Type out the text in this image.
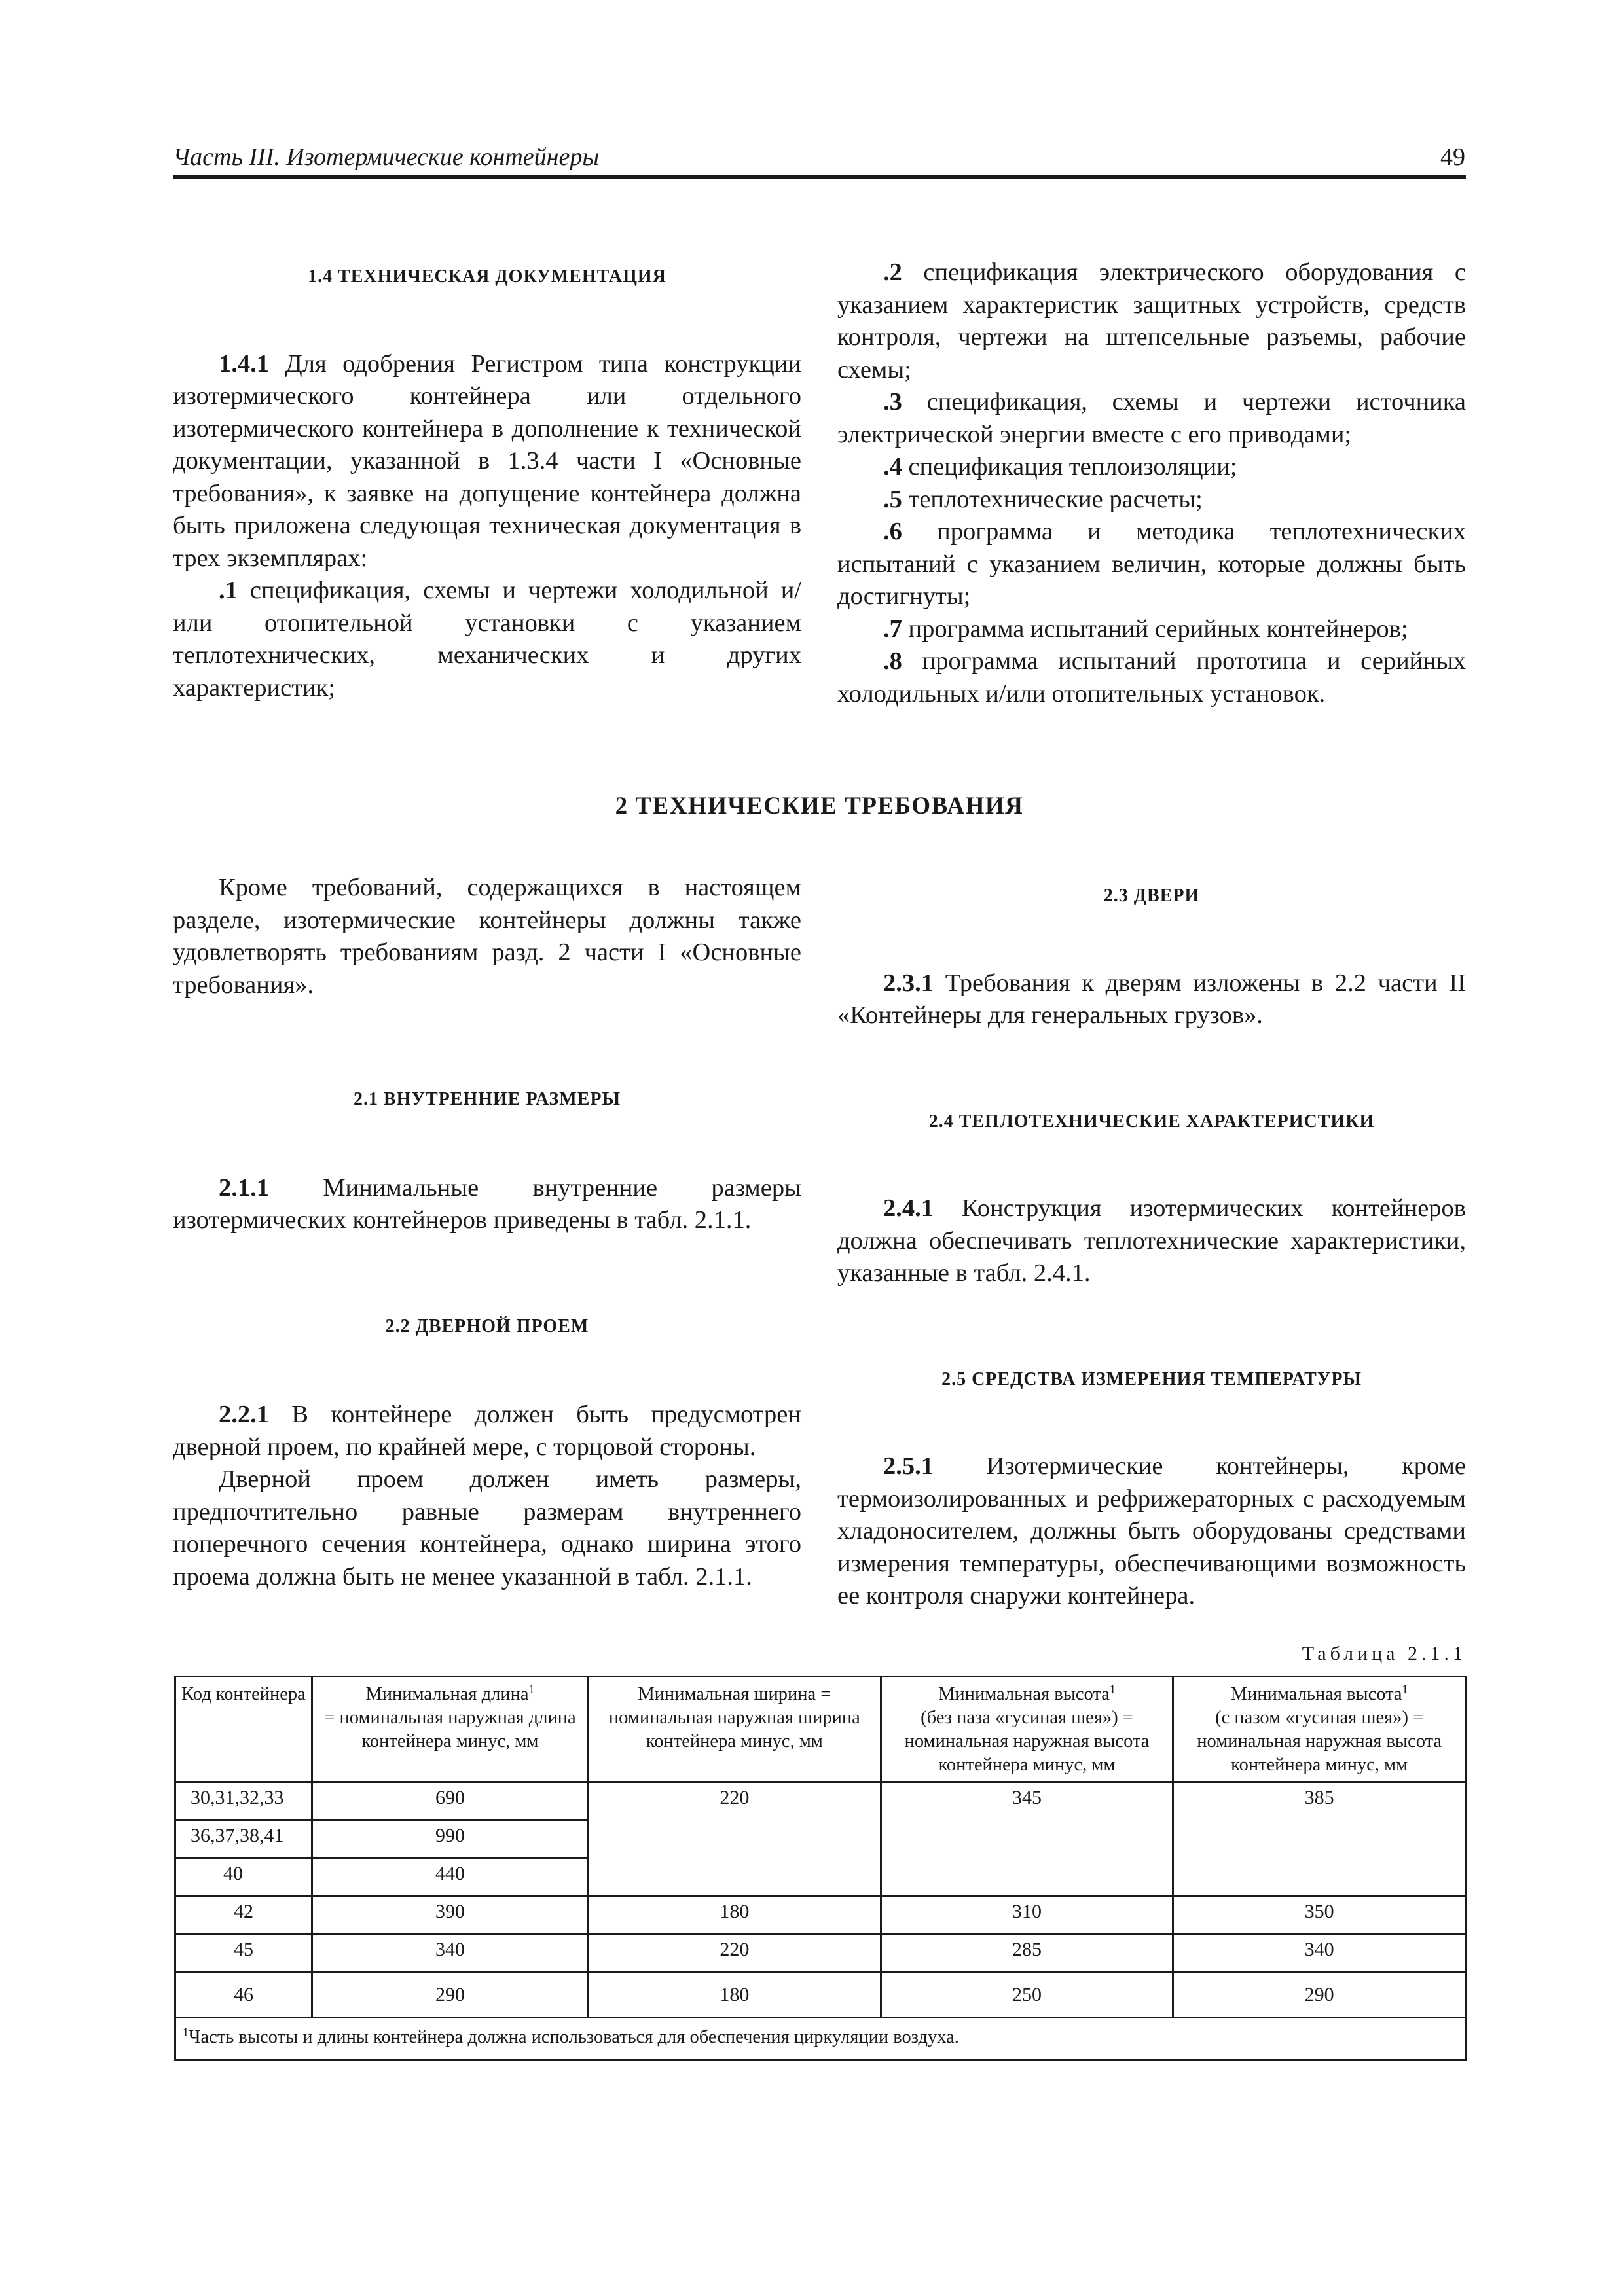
Часть III. Изотермические контейнеры	49

1.4 ТЕХНИЧЕСКАЯ ДОКУМЕНТАЦИЯ

1.4.1 Для одобрения Регистром типа конструкции изотермического контейнера или отдельного изотермического контейнера в дополнение к технической документации, указанной в 1.3.4 части I «Основные требования», к заявке на допущение контейнера должна быть приложена следующая техническая документация в трех экземплярах:

.1 спецификация, схемы и чертежи холодильной и/или отопительной установки с указанием теплотехнических, механических и других характеристик;

.2 спецификация электрического оборудования с указанием характеристик защитных устройств, средств контроля, чертежи на штепсельные разъемы, рабочие схемы;

.3 спецификация, схемы и чертежи источника электрической энергии вместе с его приводами;

.4 спецификация теплоизоляции;

.5 теплотехнические расчеты;

.6 программа и методика теплотехнических испытаний с указанием величин, которые должны быть достигнуты;

.7 программа испытаний серийных контейнеров;

.8 программа испытаний прототипа и серийных холодильных и/или отопительных установок.

2 ТЕХНИЧЕСКИЕ ТРЕБОВАНИЯ

Кроме требований, содержащихся в настоящем разделе, изотермические контейнеры должны также удовлетворять требованиям разд. 2 части I «Основные требования».

2.1 ВНУТРЕННИЕ РАЗМЕРЫ

2.1.1 Минимальные внутренние размеры изотермических контейнеров приведены в табл. 2.1.1.

2.2 ДВЕРНОЙ ПРОЕМ

2.2.1 В контейнере должен быть предусмотрен дверной проем, по крайней мере, с торцовой стороны.

Дверной проем должен иметь размеры, предпочтительно равные размерам внутреннего поперечного сечения контейнера, однако ширина этого проема должна быть не менее указанной в табл. 2.1.1.

2.3 ДВЕРИ

2.3.1 Требования к дверям изложены в 2.2 части II «Контейнеры для генеральных грузов».

2.4 ТЕПЛОТЕХНИЧЕСКИЕ ХАРАКТЕРИСТИКИ

2.4.1 Конструкция изотермических контейнеров должна обеспечивать теплотехнические характеристики, указанные в табл. 2.4.1.

2.5 СРЕДСТВА ИЗМЕРЕНИЯ ТЕМПЕРАТУРЫ

2.5.1 Изотермические контейнеры, кроме термоизолированных и рефрижераторных с расходуемым хладоносителем, должны быть оборудованы средствами измерения температуры, обеспечивающими возможность ее контроля снаружи контейнера.

Таблица 2.1.1
Код контейнера	Минимальная длина$^1$
= номинальная наружная длина контейнера минус, мм	Минимальная ширина = номинальная наружная ширина контейнера минус, мм	Минимальная высота$^1$
(без паза «гусиная шея») = номинальная наружная высота контейнера минус, мм	Минимальная высота$^1$
(с пазом «гусиная шея») = номинальная наружная высота контейнера минус, мм
30,31,32,33	690	220	345	385
36,37,38,41	990			
40	440			
42	390	180	310	350
45	340	220	285	340
46	290	180	250	290
$^1$Часть высоты и длины контейнера должна использоваться для обеспечения циркуляции воздуха.				
